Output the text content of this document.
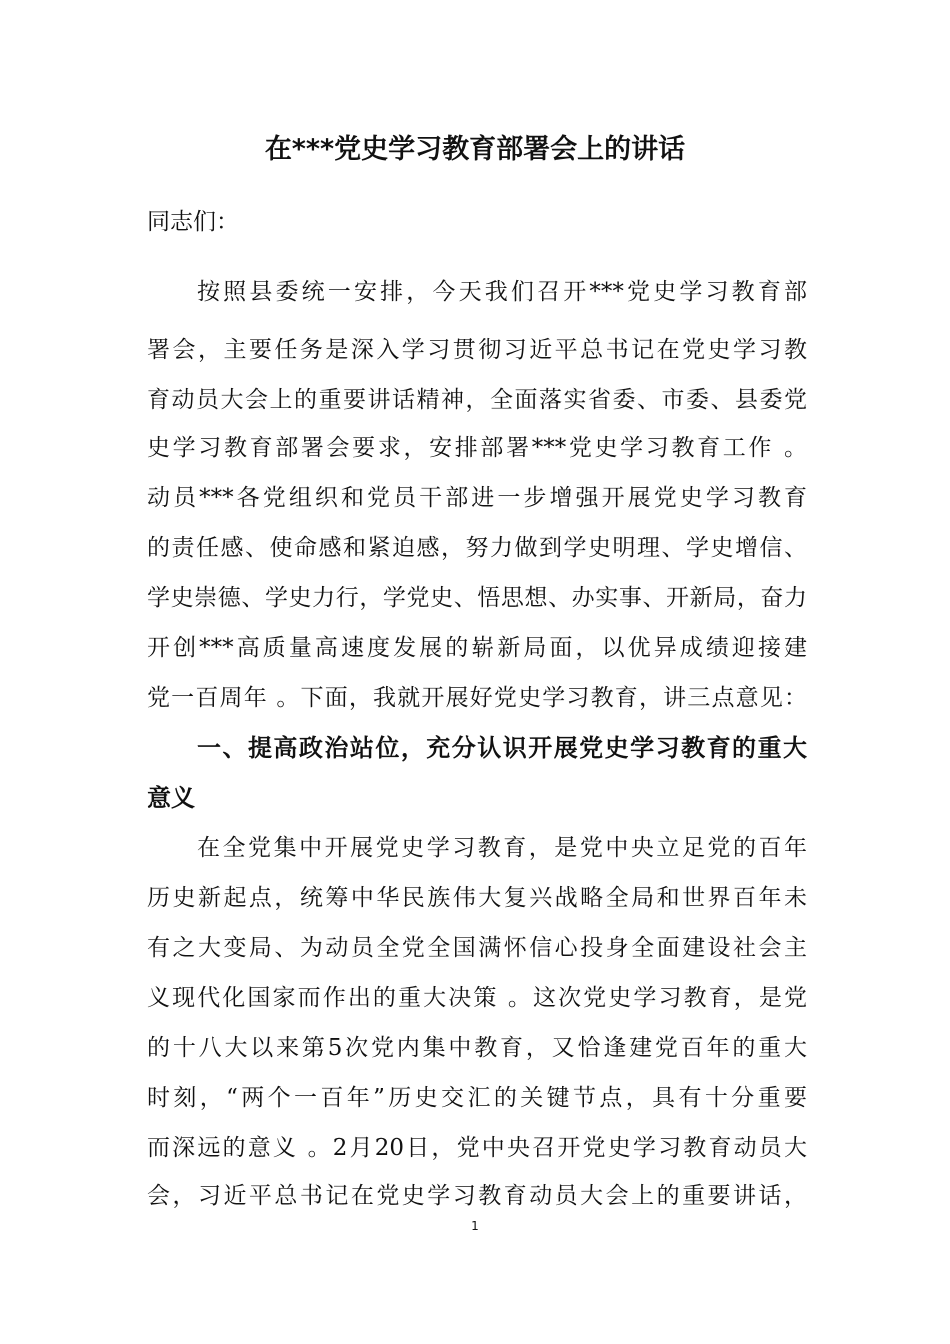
在***党史学习教育部署会上的讲话
同志们：
按照县委统一安排，今天我们召开***党史学习教育部
署会，主要任务是深入学习贯彻习近平总书记在党史学习教
育动员大会上的重要讲话精神，全面落实省委、市委、县委党
史学习教育部署会要求，安排部署***党史学习教育工作 。
动员***各党组织和党员干部进一步增强开展党史学习教育
的责任感、使命感和紧迫感，努力做到学史明理、学史增信、
学史崇德、学史力行，学党史、悟思想、办实事、开新局，奋力
开创***高质量高速度发展的崭新局面，以优异成绩迎接建
党一百周年 。下面，我就开展好党史学习教育，讲三点意见：
一、提高政治站位，充分认识开展党史学习教育的重大
意义
在全党集中开展党史学习教育，是党中央立足党的百年
历史新起点，统筹中华民族伟大复兴战略全局和世界百年未
有之大变局、为动员全党全国满怀信心投身全面建设社会主
义现代化国家而作出的重大决策 。这次党史学习教育，是党
的十八大以来第5次党内集中教育，又恰逢建党百年的重大
时刻，“两个一百年”历史交汇的关键节点，具有十分重要
而深远的意义 。2月20日，党中央召开党史学习教育动员大
会，习近平总书记在党史学习教育动员大会上的重要讲话，
1
